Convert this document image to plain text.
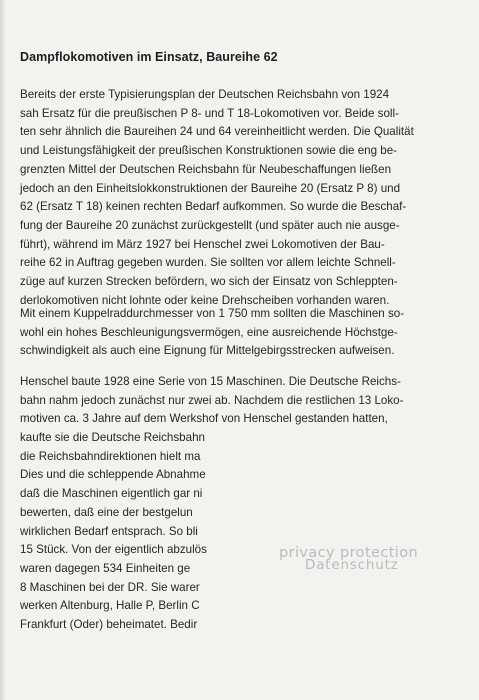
Dampflokomotiven im Einsatz, Baureihe 62
Bereits der erste Typisierungsplan der Deutschen Reichsbahn von 1924
sah Ersatz für die preußischen P 8- und T 18-Lokomotiven vor. Beide soll-
ten sehr ähnlich die Baureihen 24 und 64 vereinheitlicht werden. Die Qualität
und Leistungsfähigkeit der preußischen Konstruktionen sowie die eng be-
grenzten Mittel der Deutschen Reichsbahn für Neubeschaffungen ließen
jedoch an den Einheitslokkonstruktionen der Baureihe 20 (Ersatz P 8) und
62 (Ersatz T 18) keinen rechten Bedarf aufkommen. So wurde die Beschaf-
fung der Baureihe 20 zunächst zurückgestellt (und später auch nie ausge-
führt), während im März 1927 bei Henschel zwei Lokomotiven der Bau-
reihe 62 in Auftrag gegeben wurden. Sie sollten vor allem leichte Schnell-
züge auf kurzen Strecken befördern, wo sich der Einsatz von Schleppten-
derlokomotiven nicht lohnte oder keine Drehscheiben vorhanden waren.
Mit einem Kuppelraddurchmesser von 1 750 mm sollten die Maschinen so-
wohl ein hohes Beschleunigungsvermögen, eine ausreichende Höchstge-
schwindigkeit als auch eine Eignung für Mittelgebirgsstrecken aufweisen.
Henschel baute 1928 eine Serie von 15 Maschinen. Die Deutsche Reichs-
bahn nahm jedoch zunächst nur zwei ab. Nachdem die restlichen 13 Loko-
motiven ca. 3 Jahre auf dem Werkshof von Henschel gestanden hatten,
kaufte sie die Deutsche Reichsbahn
die Reichsbahndirektionen hielt ma
Dies und die schleppende Abnahme
daß die Maschinen eigentlich gar ni
bewerten, daß eine der bestgelun
wirklichen Bedarf entsprach. So bli
15 Stück. Von der eigentlich abzulös
waren dagegen 534 Einheiten ge
8 Maschinen bei der DR. Sie warer
werken Altenburg, Halle P, Berlin C
Frankfurt (Oder) beheimatet. Bedir
privacy protection
Datenschutz
